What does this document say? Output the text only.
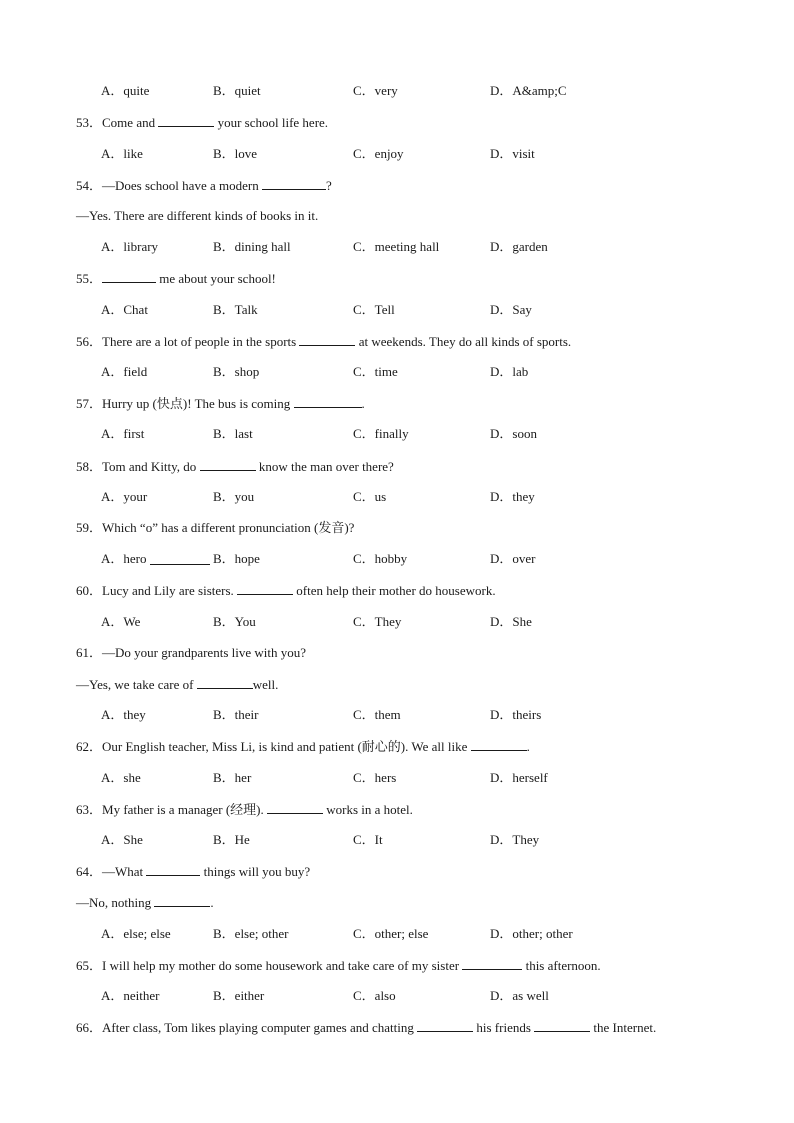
A．quite	B．quiet	C．very	D．A&amp;C
53．Come and	your school life here.
A．like	B．love	C．enjoy	D．visit
54．—Does school have a modern	?
—Yes. There are different kinds of books in it.
A．library	B．dining hall	C．meeting hall	D．garden
55．	me about your school!
A．Chat	B．Talk	C．Tell	D．Say
56．There are a lot of people in the sports	at weekends. They do all kinds of sports.
A．field	B．shop	C．time	D．lab
57．Hurry up (快点)! The bus is coming	.
A．first	B．last	C．finally	D．soon
58．Tom and Kitty, do	know the man over there?
A．your	B．you	C．us	D．they
59．Which “o” has a different pronunciation (发音)?
A．hero	B．hope	C．hobby	D．over
60．Lucy and Lily are sisters.	often help their mother do housework.
A．We	B．You	C．They	D．She
61．—Do your grandparents live with you?
—Yes, we take care of	well.
A．they	B．their	C．them	D．theirs
62．Our English teacher, Miss Li, is kind and patient (耐心的). We all like	.
A．she	B．her	C．hers	D．herself
63．My father is a manager (经理).	works in a hotel.
A．She	B．He	C．It	D．They
64．—What	things will you buy?
—No, nothing	.
A．else; else	B．else; other	C．other; else	D．other; other
65．I will help my mother do some housework and take care of my sister	this afternoon.
A．neither	B．either	C．also	D．as well
66．After class, Tom likes playing computer games and chatting	his friends	the Internet.
